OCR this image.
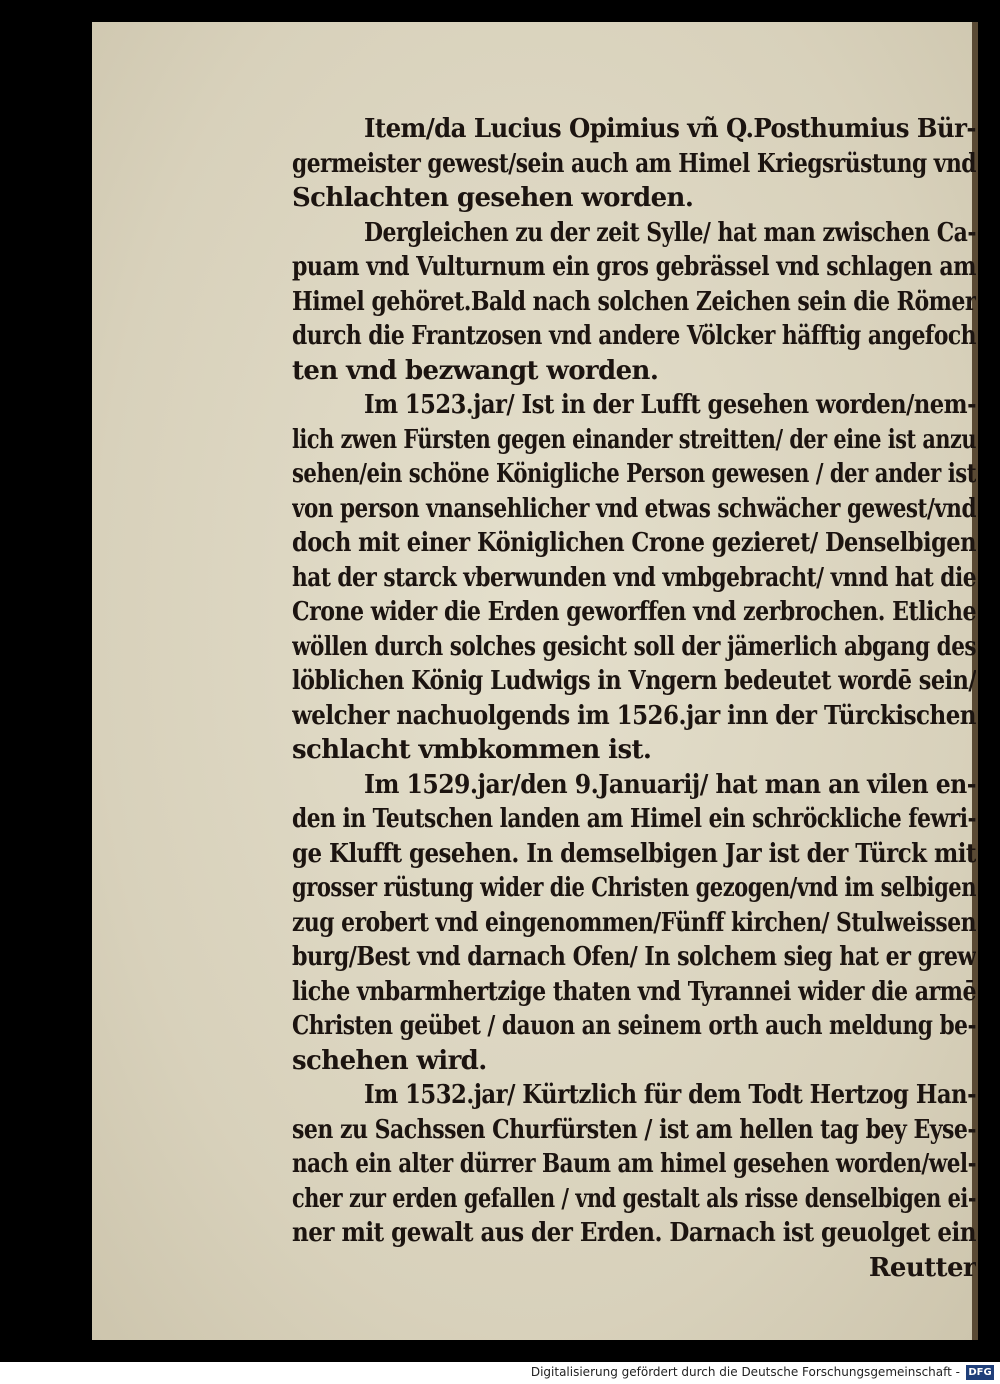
Item/da Lucius Opimius vñ Q.Posthumius Bür-
germeister gewest/sein auch am Himel Kriegsrüstung vnd
Schlachten gesehen worden.
Dergleichen zu der zeit Sylle/ hat man zwischen Ca-
puam vnd Vulturnum ein gros gebrässel vnd schlagen am
Himel gehöret.Bald nach solchen Zeichen sein die Römer
durch die Frantzosen vnd andere Völcker häfftig angefoch
ten vnd bezwangt worden.
Im 1523.jar/ Ist in der Lufft gesehen worden/nem-
lich zwen Fürsten gegen einander streitten/ der eine ist anzu
sehen/ein schöne Königliche Person gewesen / der ander ist
von person vnansehlicher vnd etwas schwächer gewest/vnd
doch mit einer Königlichen Crone gezieret/ Denselbigen
hat der starck vberwunden vnd vmbgebracht/ vnnd hat die
Crone wider die Erden geworffen vnd zerbrochen. Etliche
wöllen durch solches gesicht soll der jämerlich abgang des
löblichen König Ludwigs in Vngern bedeutet wordē sein/
welcher nachuolgends im 1526.jar inn der Türckischen
schlacht vmbkommen ist.
Im 1529.jar/den 9.Januarij/ hat man an vilen en-
den in Teutschen landen am Himel ein schröckliche fewri-
ge Klufft gesehen. In demselbigen Jar ist der Türck mit
grosser rüstung wider die Christen gezogen/vnd im selbigen
zug erobert vnd eingenommen/Fünff kirchen/ Stulweissen
burg/Best vnd darnach Ofen/ In solchem sieg hat er grew
liche vnbarmhertzige thaten vnd Tyrannei wider die armē
Christen geübet / dauon an seinem orth auch meldung be-
schehen wird.
Im 1532.jar/ Kürtzlich für dem Todt Hertzog Han-
sen zu Sachssen Churfürsten / ist am hellen tag bey Eyse-
nach ein alter dürrer Baum am himel gesehen worden/wel-
cher zur erden gefallen / vnd gestalt als risse denselbigen ei-
ner mit gewalt aus der Erden. Darnach ist geuolget ein
Reutter
Digitalisierung gefördert durch die Deutsche Forschungsgemeinschaft - DFG
